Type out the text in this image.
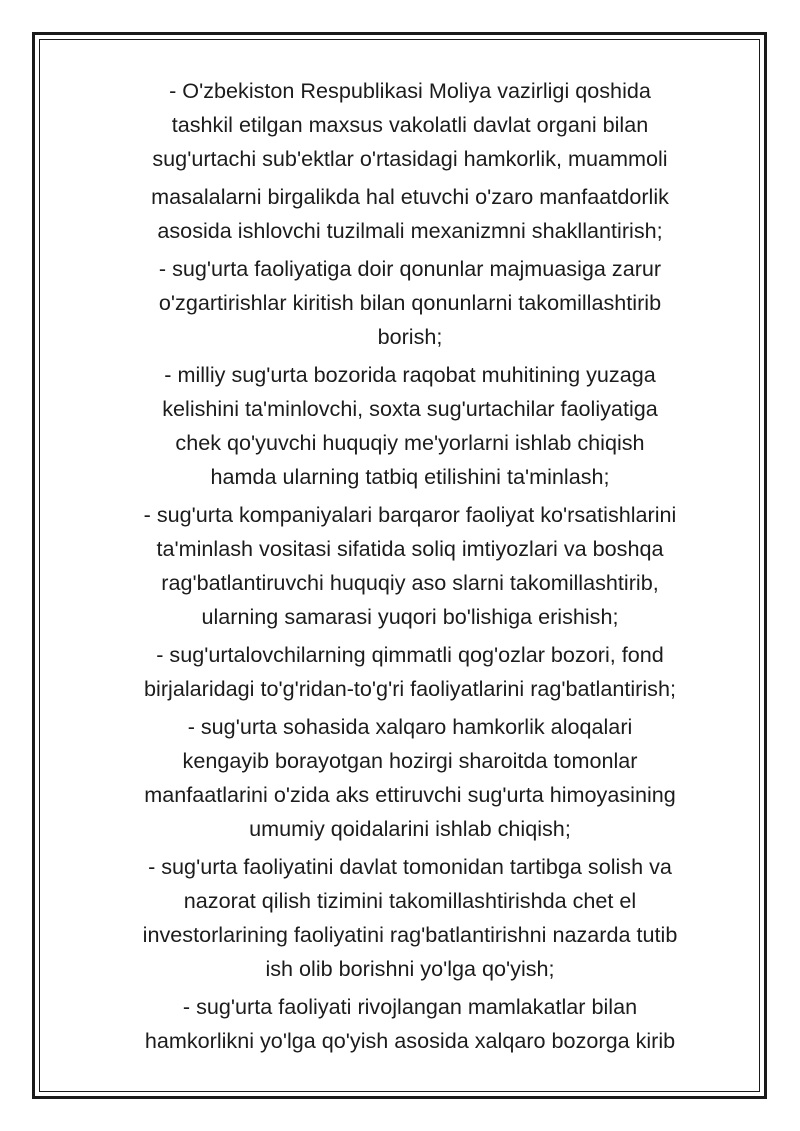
- O'zbekiston Respublikasi Moliya vazirligi qoshida
tashkil etilgan maxsus vakolatli davlat organi bilan
sug'urtachi sub'ektlar o'rtasidagi hamkorlik, muammoli
masalalarni birgalikda hal etuvchi o'zaro manfaatdorlik
asosida ishlovchi tuzilmali mexanizmni shakllantirish;

- sug'urta faoliyatiga doir qonunlar majmuasiga zarur
o'zgartirishlar kiritish bilan qonunlarni takomillashtirib
borish;

- milliy sug'urta bozorida raqobat muhitining yuzaga
kelishini ta'minlovchi, soxta sug'urtachilar faoliyatiga
chek qo'yuvchi huquqiy me'yorlarni ishlab chiqish
hamda ularning tatbiq etilishini ta'minlash;

- sug'urta kompaniyalari barqaror faoliyat ko'rsatishlarini
ta'minlash vositasi sifatida soliq imtiyozlari va boshqa
rag'batlantiruvchi huquqiy aso slarni takomillashtirib,
ularning samarasi yuqori bo'lishiga erishish;

- sug'urtalovchilarning qimmatli qog'ozlar bozori, fond
birjalaridagi to'g'ridan-to'g'ri faoliyatlarini rag'batlantirish;

- sug'urta sohasida xalqaro hamkorlik aloqalari
kengayib borayotgan hozirgi sharoitda tomonlar
manfaatlarini o'zida aks ettiruvchi sug'urta himoyasining
umumiy qoidalarini ishlab chiqish;

- sug'urta faoliyatini davlat tomonidan tartibga solish va
nazorat qilish tizimini takomillashtirishda chet el
investorlarining faoliyatini rag'batlantirishni nazarda tutib
ish olib borishni yo'lga qo'yish;

- sug'urta faoliyati rivojlangan mamlakatlar bilan
hamkorlikni yo'lga qo'yish asosida xalqaro bozorga kirib
